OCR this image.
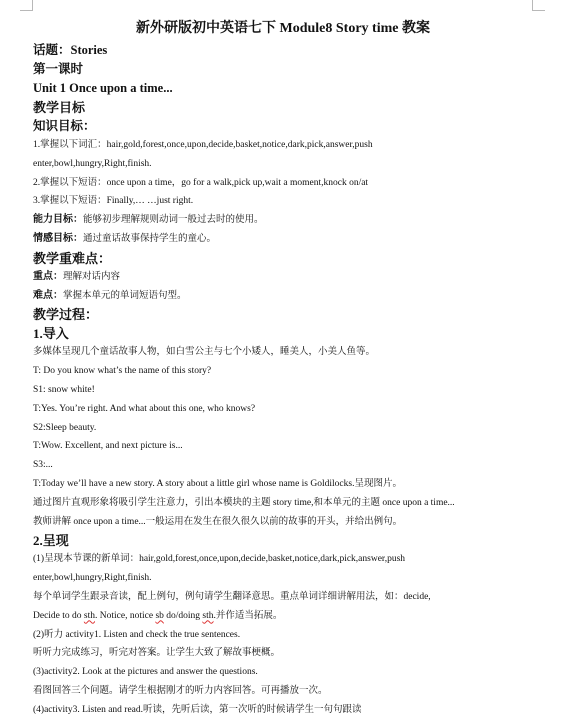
新外研版初中英语七下 Module8 Story time 教案
话题：Stories
第一课时
Unit 1 Once upon a time...
教学目标
知识目标：
1.掌握以下词汇：hair,gold,forest,once,upon,decide,basket,notice,dark,pick,answer,push
enter,bowl,hungry,Right,finish.
2.掌握以下短语：once upon a time，go for a walk,pick up,wait a moment,knock on/at
3.掌握以下短语：Finally,… …just right.
能力目标：能够初步理解规则动词一般过去时的使用。
情感目标：通过童话故事保持学生的童心。
教学重难点：
重点：理解对话内容
难点：掌握本单元的单词短语句型。
教学过程：
1.导入
多媒体呈现几个童话故事人物，如白雪公主与七个小矮人，睡美人，小美人鱼等。
T: Do you know what’s the name of this story?
S1: snow white!
T:Yes. You’re right. And what about this one, who knows?
S2:Sleep beauty.
T:Wow. Excellent, and next picture is...
S3:...
T:Today we’ll have a new story. A story about a little girl whose name is Goldilocks.呈现图片。
通过图片直观形象将吸引学生注意力，引出本模块的主题 story time,和本单元的主题 once upon a time...
教师讲解 once upon a time...一般运用在发生在很久很久以前的故事的开头，并给出例句。
2.呈现
(1)呈现本节课的新单词：hair,gold,forest,once,upon,decide,basket,notice,dark,pick,answer,push
enter,bowl,hungry,Right,finish.
每个单词学生跟录音读，配上例句，例句请学生翻译意思。重点单词详细讲解用法，如：decide,
Decide to do sth. Notice, notice sb do/doing sth.并作适当拓展。
(2)听力 activity1. Listen and check the true sentences.
听听力完成练习，听完对答案。让学生大致了解故事梗概。
(3)activity2. Look at the pictures and answer the questions.
看图回答三个问题。请学生根据刚才的听力内容回答。可再播放一次。
(4)activity3. Listen and read.听读，先听后读，第一次听的时候请学生一句句跟读
